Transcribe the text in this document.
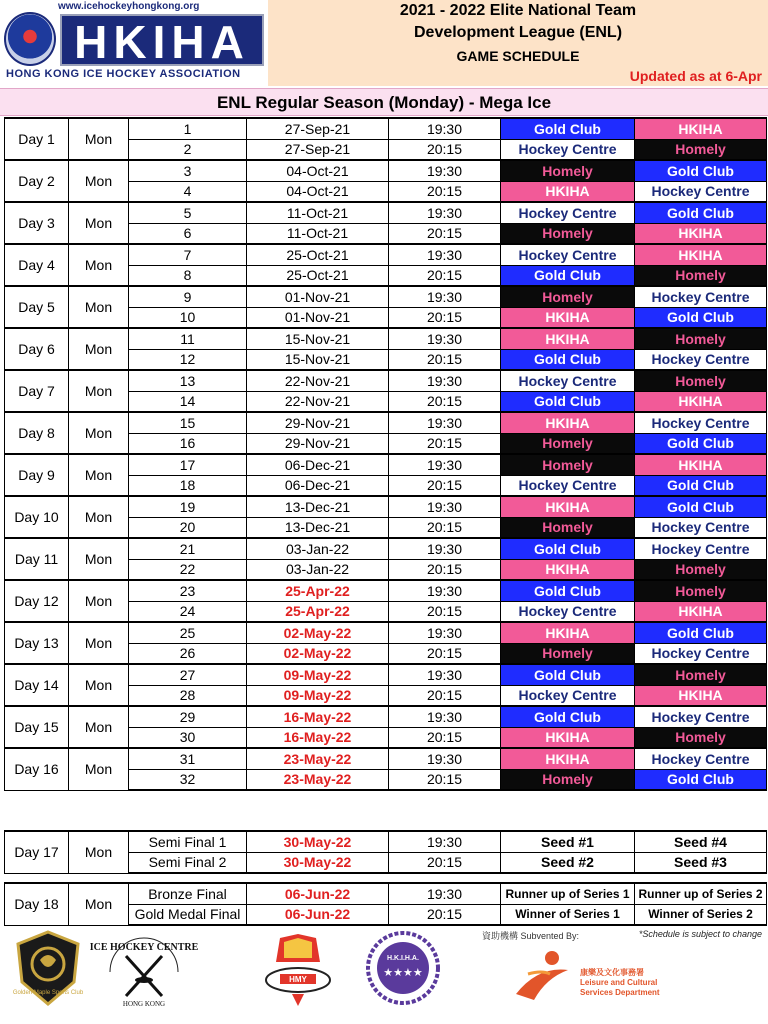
www.icehockeyhongkong.org
HKIHA
HONG KONG ICE HOCKEY ASSOCIATION
2021 - 2022 Elite National Team
Development League (ENL)
GAME SCHEDULE
Updated as at 6-Apr
ENL Regular Season (Monday) - Mega Ice
Day 1	Mon	1	27-Sep-21	19:30	Gold Club	HKIHA
		2	27-Sep-21	20:15	Hockey Centre	Homely
Day 2	Mon	3	04-Oct-21	19:30	Homely	Gold Club
		4	04-Oct-21	20:15	HKIHA	Hockey Centre
Day 3	Mon	5	11-Oct-21	19:30	Hockey Centre	Gold Club
		6	11-Oct-21	20:15	Homely	HKIHA
Day 4	Mon	7	25-Oct-21	19:30	Hockey Centre	HKIHA
		8	25-Oct-21	20:15	Gold Club	Homely
Day 5	Mon	9	01-Nov-21	19:30	Homely	Hockey Centre
		10	01-Nov-21	20:15	HKIHA	Gold Club
Day 6	Mon	11	15-Nov-21	19:30	HKIHA	Homely
		12	15-Nov-21	20:15	Gold Club	Hockey Centre
Day 7	Mon	13	22-Nov-21	19:30	Hockey Centre	Homely
		14	22-Nov-21	20:15	Gold Club	HKIHA
Day 8	Mon	15	29-Nov-21	19:30	HKIHA	Hockey Centre
		16	29-Nov-21	20:15	Homely	Gold Club
Day 9	Mon	17	06-Dec-21	19:30	Homely	HKIHA
		18	06-Dec-21	20:15	Hockey Centre	Gold Club
Day 10	Mon	19	13-Dec-21	19:30	HKIHA	Gold Club
		20	13-Dec-21	20:15	Homely	Hockey Centre
Day 11	Mon	21	03-Jan-22	19:30	Gold Club	Hockey Centre
		22	03-Jan-22	20:15	HKIHA	Homely
Day 12	Mon	23	25-Apr-22	19:30	Gold Club	Homely
		24	25-Apr-22	20:15	Hockey Centre	HKIHA
Day 13	Mon	25	02-May-22	19:30	HKIHA	Gold Club
		26	02-May-22	20:15	Homely	Hockey Centre
Day 14	Mon	27	09-May-22	19:30	Gold Club	Homely
		28	09-May-22	20:15	Hockey Centre	HKIHA
Day 15	Mon	29	16-May-22	19:30	Gold Club	Hockey Centre
		30	16-May-22	20:15	HKIHA	Homely
Day 16	Mon	31	23-May-22	19:30	HKIHA	Hockey Centre
		32	23-May-22	20:15	Homely	Gold Club
Day 17	Mon	Semi Final 1	30-May-22	19:30	Seed #1	Seed #4
		Semi Final 2	30-May-22	20:15	Seed #2	Seed #3
Day 18	Mon	Bronze Final	06-Jun-22	19:30	Runner up of Series 1	Runner up of Series 2
		Gold Medal Final	06-Jun-22	20:15	Winner of Series 1	Winner of Series 2
資助機構 Subvented By:	*Schedule is subject to change
Golden Maple Sports Club
ICE HOCKEY CENTRE
HONG KONG
HMY
H.K.I.H.A.
★★★★	康樂及文化事務署
Leisure and Cultural
Services Department
